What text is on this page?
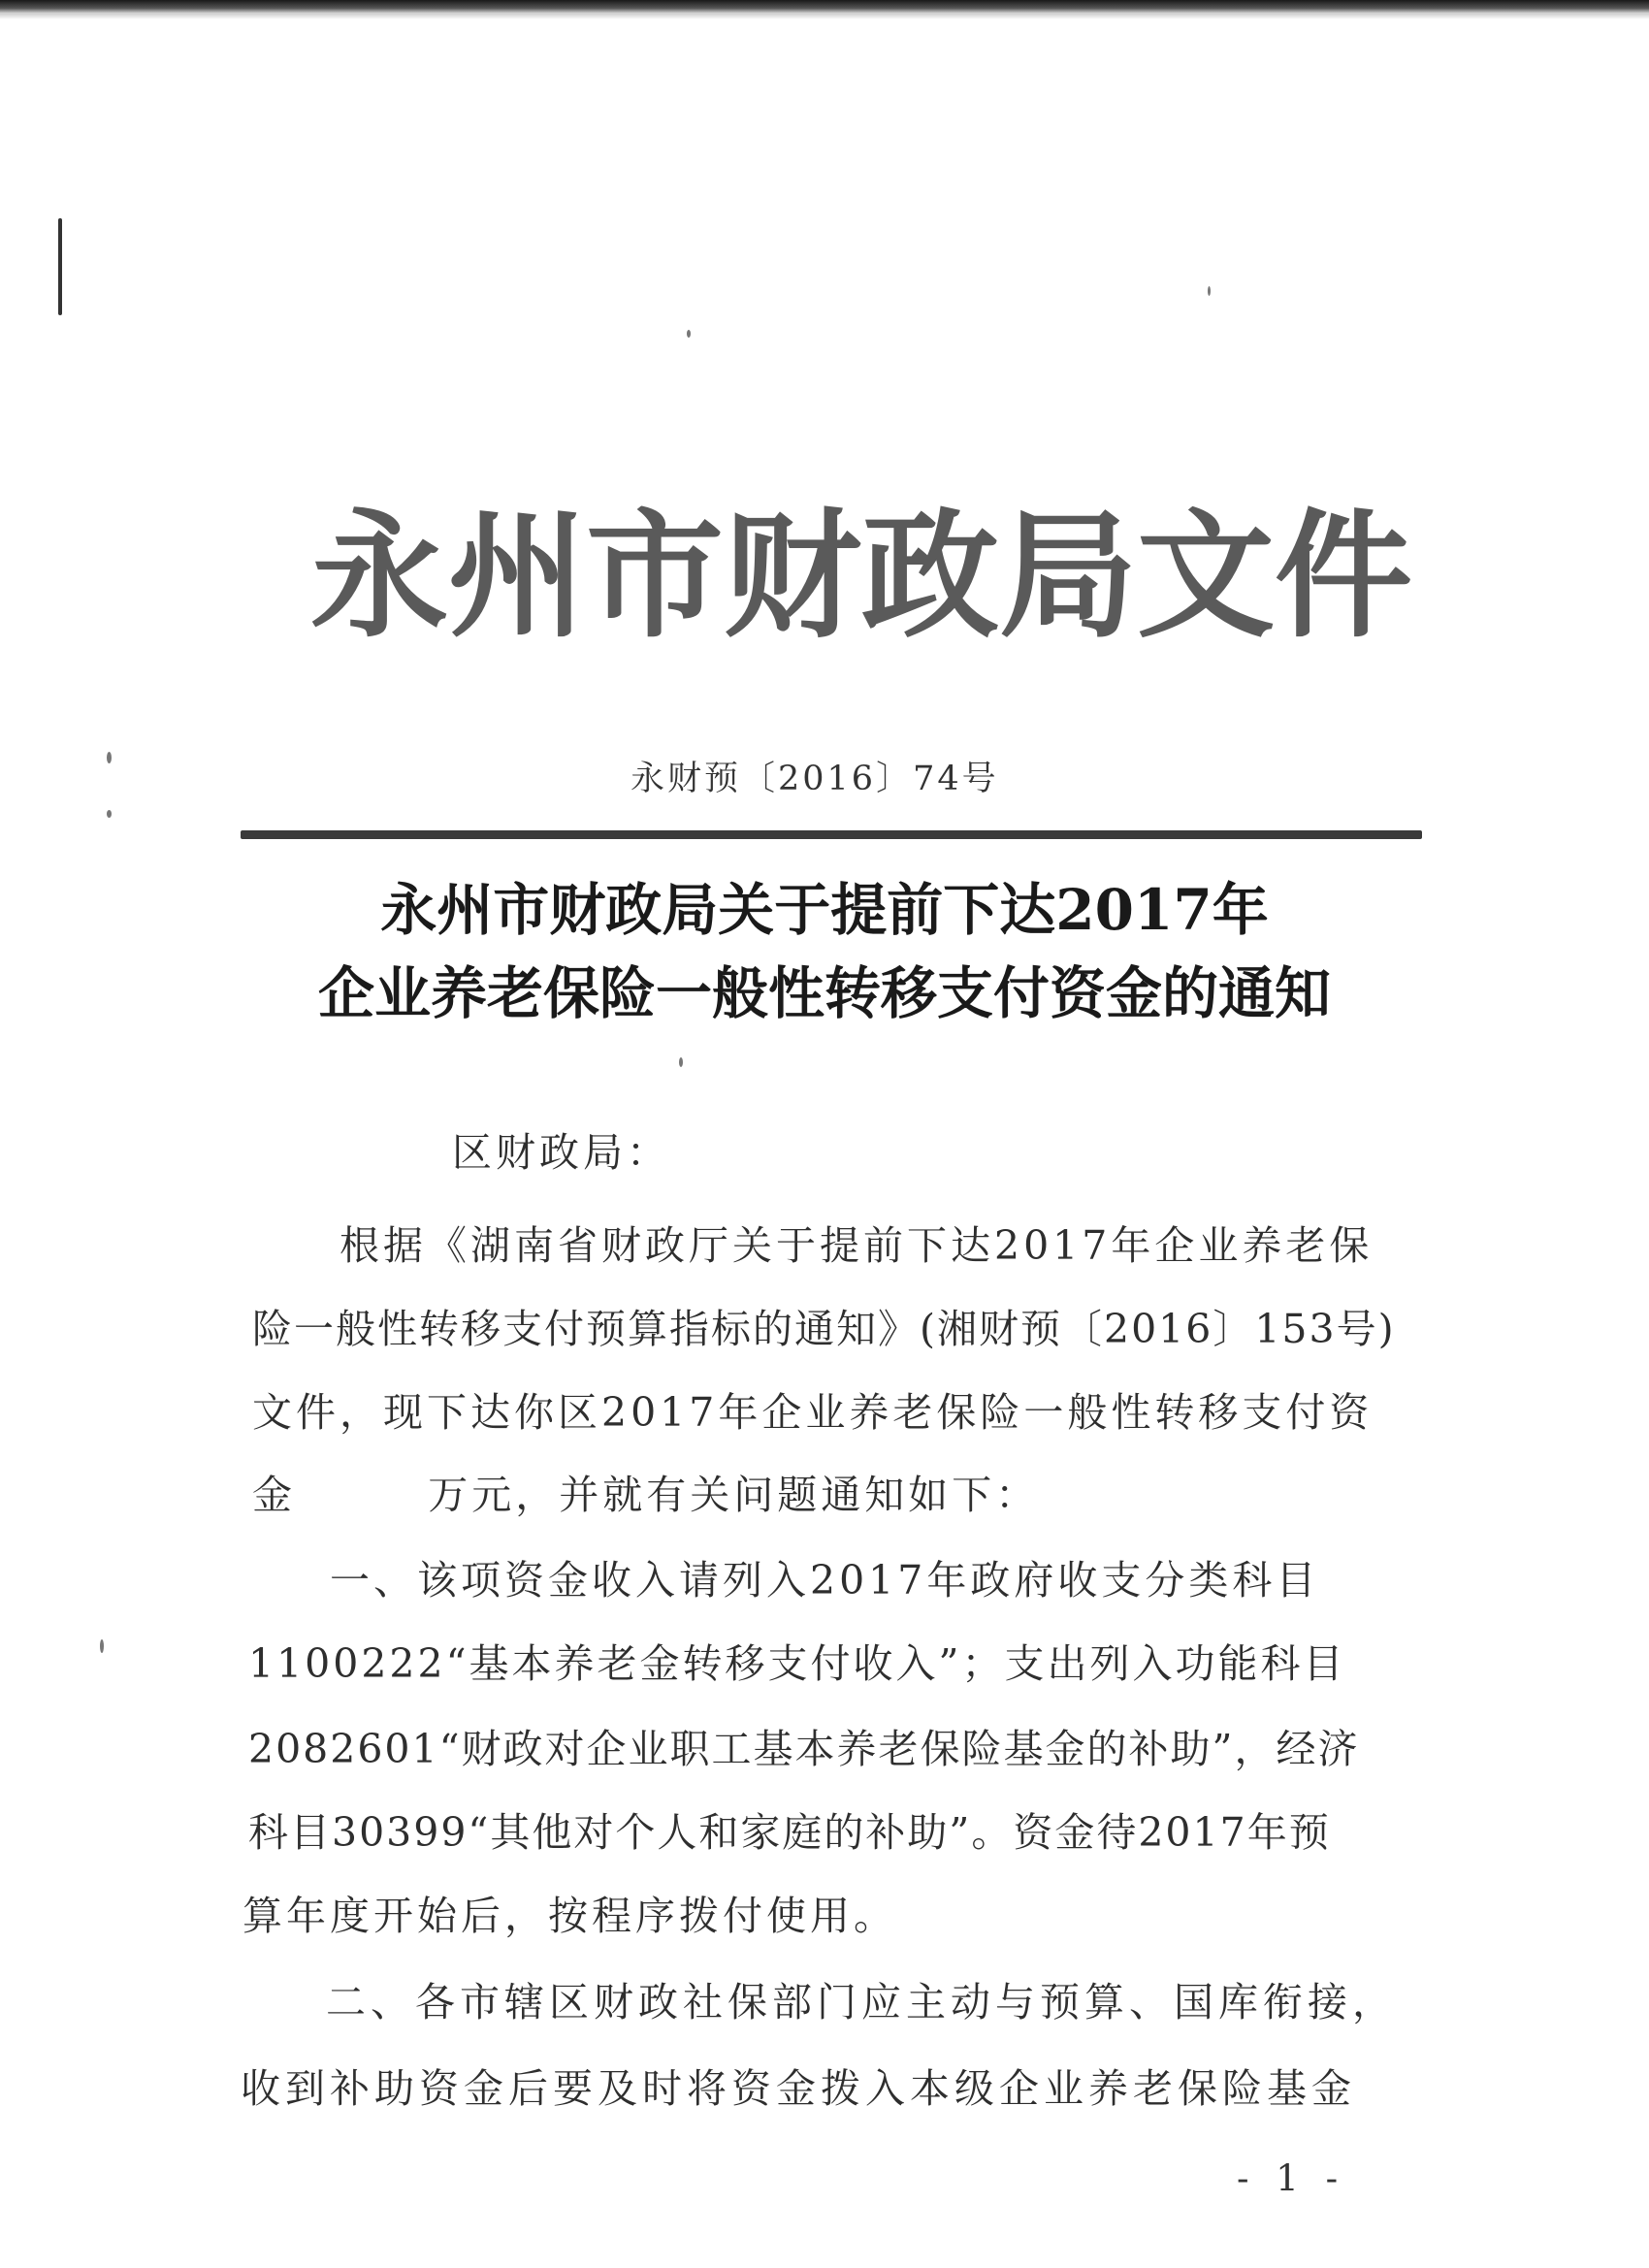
永 州 市 财 政 局 文 件
永财预〔2016〕74号
永州市财政局关于提前下达2017年
企业养老保险一般性转移支付资金的通知
区财政局：
根据《湖南省财政厅关于提前下达2017年企业养老保
险一般性转移支付预算指标的通知》(湘财预〔2016〕153号)
文件，现下达你区2017年企业养老保险一般性转移支付资
金        万元，并就有关问题通知如下：
一、该项资金收入请列入2017年政府收支分类科目
1100222“基本养老金转移支付收入”；支出列入功能科目
2082601“财政对企业职工基本养老保险基金的补助”，经济
科目30399“其他对个人和家庭的补助”。资金待2017年预
算年度开始后，按程序拨付使用。
二、各市辖区财政社保部门应主动与预算、国库衔接，
收到补助资金后要及时将资金拨入本级企业养老保险基金
- 1 -
